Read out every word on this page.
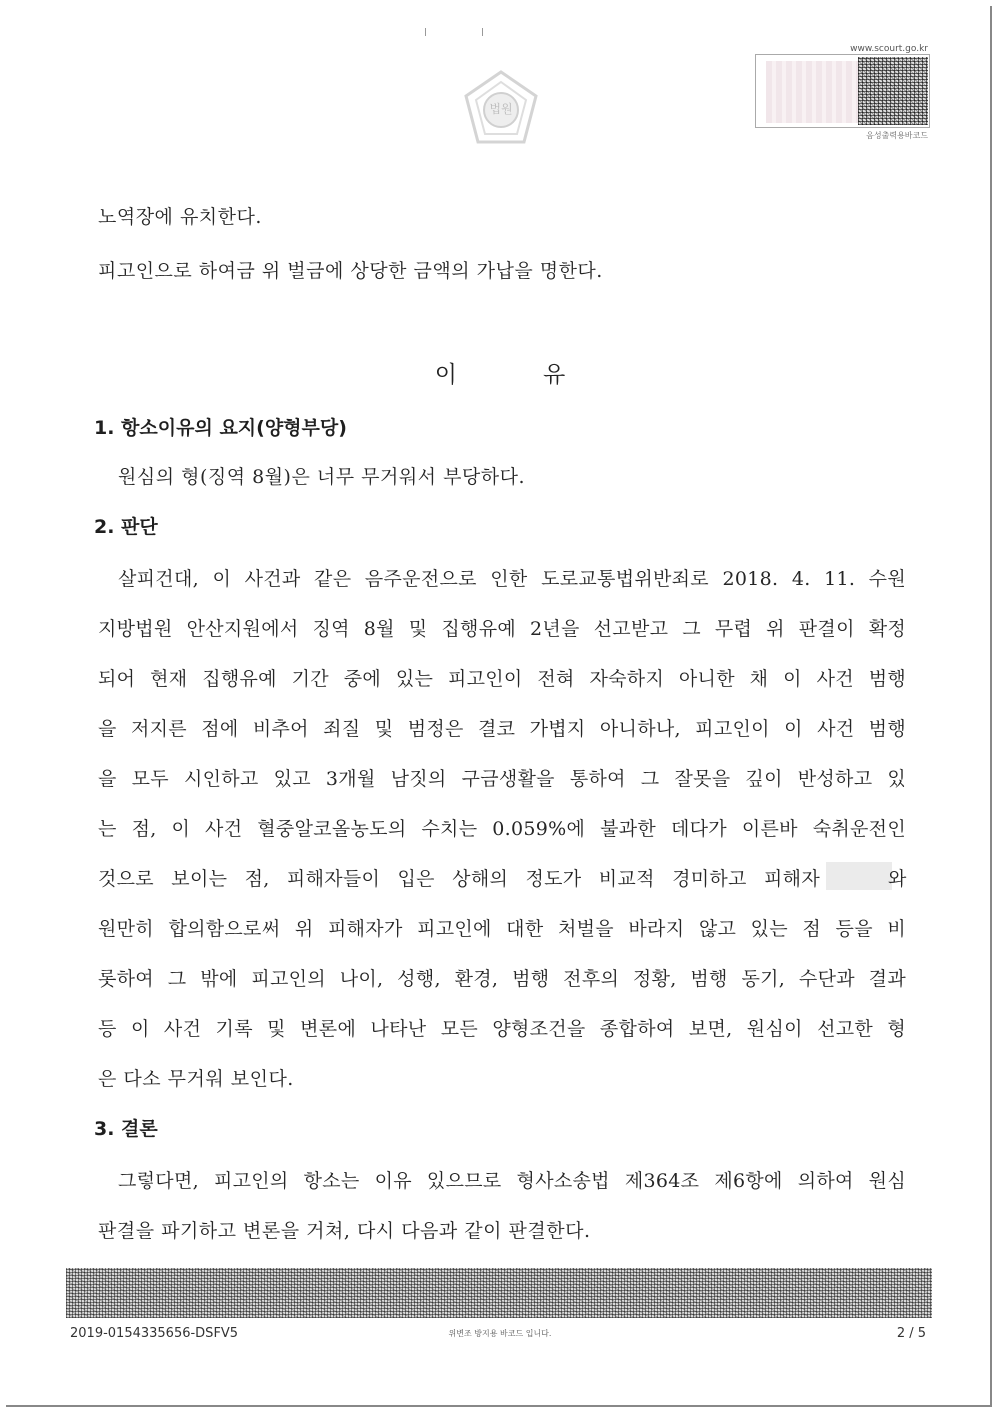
법원
www.scourt.go.kr
음성출력용바코드
노역장에 유치한다.
피고인으로 하여금 위 벌금에 상당한 금액의 가납을 명한다.
이유
1. 항소이유의 요지(양형부당)
원심의 형(징역 8월)은 너무 무거워서 부당하다.
2. 판단
살피건대, 이 사건과 같은 음주운전으로 인한 도로교통법위반죄로 2018. 4. 11. 수원
지방법원 안산지원에서 징역 8월 및 집행유예 2년을 선고받고 그 무렵 위 판결이 확정
되어 현재 집행유예 기간 중에 있는 피고인이 전혀 자숙하지 아니한 채 이 사건 범행
을 저지른 점에 비추어 죄질 및 범정은 결코 가볍지 아니하나, 피고인이 이 사건 범행
을 모두 시인하고 있고 3개월 남짓의 구금생활을 통하여 그 잘못을 깊이 반성하고 있
는 점, 이 사건 혈중알코올농도의 수치는 0.059%에 불과한 데다가 이른바 숙취운전인
것으로 보이는 점, 피해자들이 입은 상해의 정도가 비교적 경미하고 피해자	와
원만히 합의함으로써 위 피해자가 피고인에 대한 처벌을 바라지 않고 있는 점 등을 비
롯하여 그 밖에 피고인의 나이, 성행, 환경, 범행 전후의 정황, 범행 동기, 수단과 결과
등 이 사건 기록 및 변론에 나타난 모든 양형조건을 종합하여 보면, 원심이 선고한 형
은 다소 무거워 보인다.
3. 결론
그렇다면, 피고인의 항소는 이유 있으므로 형사소송법 제364조 제6항에 의하여 원심
판결을 파기하고 변론을 거쳐, 다시 다음과 같이 판결한다.
2019-0154335656-DSFV5	위변조 방지용 바코드 입니다.	2 / 5
